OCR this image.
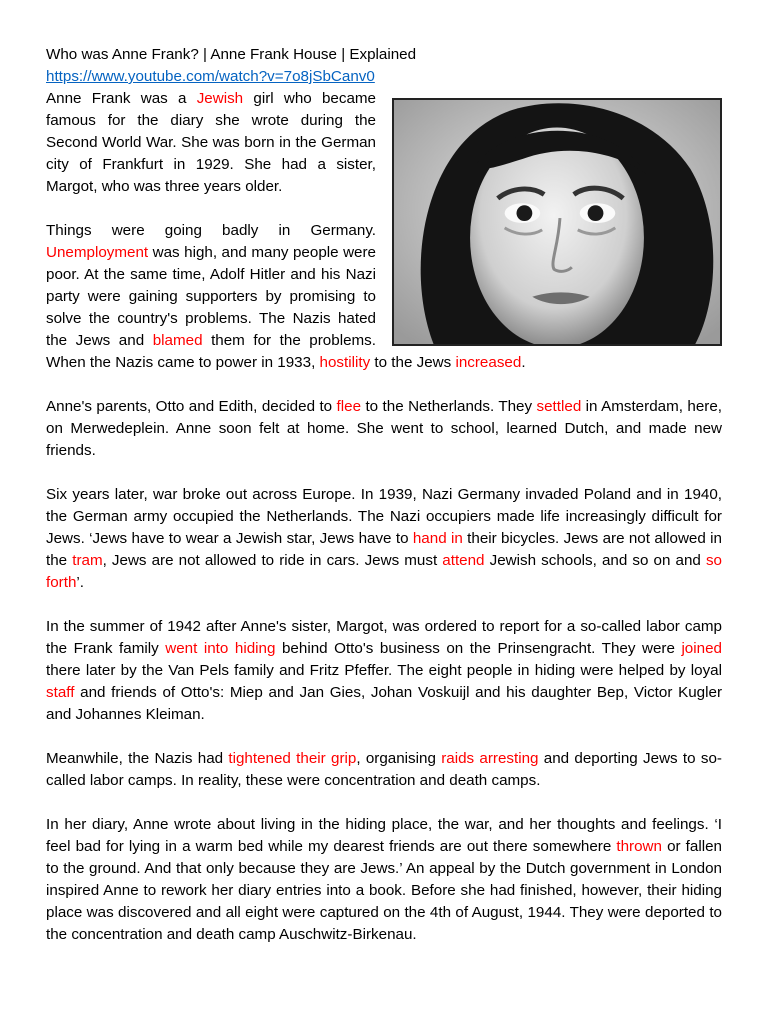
Who was Anne Frank? | Anne Frank House | Explained
https://www.youtube.com/watch?v=7o8jSbCanv0

Anne Frank was a Jewish girl who became famous for the diary she wrote during the Second World War. She was born in the German city of Frankfurt in 1929. She had a sister, Margot, who was three years older.

Things were going badly in Germany. Unemployment was high, and many people were poor. At the same time, Adolf Hitler and his Nazi party were gaining supporters by promising to solve the country's problems. The Nazis hated the Jews and blamed them for the problems. When the Nazis came to power in 1933, hostility to the Jews increased.

Anne's parents, Otto and Edith, decided to flee to the Netherlands. They settled in Amsterdam, here, on Merwedeplein. Anne soon felt at home. She went to school, learned Dutch, and made new friends.

Six years later, war broke out across Europe. In 1939, Nazi Germany invaded Poland and in 1940, the German army occupied the Netherlands. The Nazi occupiers made life increasingly difficult for Jews. ‘Jews have to wear a Jewish star, Jews have to hand in their bicycles. Jews are not allowed in the tram, Jews are not allowed to ride in cars. Jews must attend Jewish schools, and so on and so forth’.

In the summer of 1942 after Anne's sister, Margot, was ordered to report for a so-called labor camp the Frank family went into hiding behind Otto's business on the Prinsengracht. They were joined there later by the Van Pels family and Fritz Pfeffer. The eight people in hiding were helped by loyal staff and friends of Otto's: Miep and Jan Gies, Johan Voskuijl and his daughter Bep, Victor Kugler and Johannes Kleiman.

Meanwhile, the Nazis had tightened their grip, organising raids arresting and deporting Jews to so-called labor camps. In reality, these were concentration and death camps.

In her diary, Anne wrote about living in the hiding place, the war, and her thoughts and feelings. ‘I feel bad for lying in a warm bed while my dearest friends are out there somewhere thrown or fallen to the ground. And that only because they are Jews.’ An appeal by the Dutch government in London inspired Anne to rework her diary entries into a book. Before she had finished, however, their hiding place was discovered and all eight were captured on the 4th of August, 1944. They were deported to the concentration and death camp Auschwitz-Birkenau.
